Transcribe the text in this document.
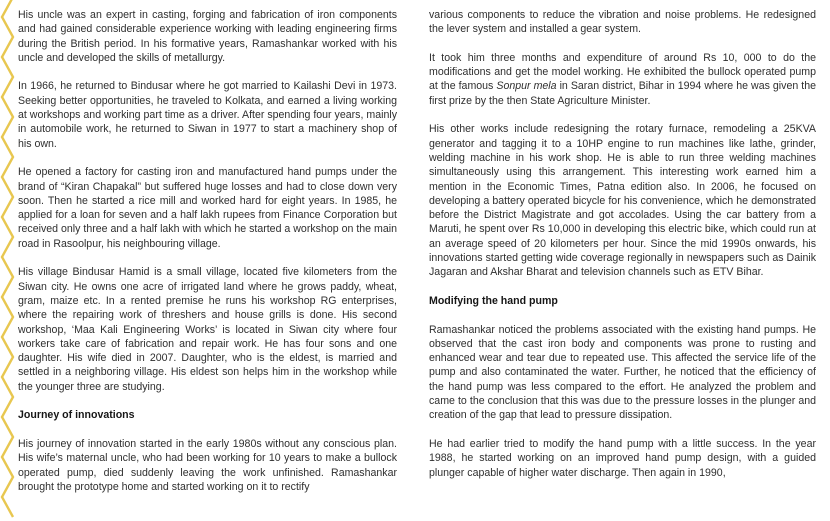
His uncle was an expert in casting, forging and fabrication of iron components and had gained considerable experience working with leading engineering firms during the British period. In his formative years, Ramashankar worked with his uncle and developed the skills of metallurgy.

In 1966, he returned to Bindusar where he got married to Kailashi Devi in 1973. Seeking better opportunities, he traveled to Kolkata, and earned a living working at workshops and working part time as a driver. After spending four years, mainly in automobile work, he returned to Siwan in 1977 to start a machinery shop of his own.

He opened a factory for casting iron and manufactured hand pumps under the brand of “Kiran Chapakal” but suffered huge losses and had to close down very soon. Then he started a rice mill and worked hard for eight years. In 1985, he applied for a loan for seven and a half lakh rupees from Finance Corporation but received only three and a half lakh with which he started a workshop on the main road in Rasoolpur, his neighbouring village.

His village Bindusar Hamid is a small village, located five kilometers from the Siwan city. He owns one acre of irrigated land where he grows paddy, wheat, gram, maize etc. In a rented premise he runs his workshop RG enterprises, where the repairing work of threshers and house grills is done. His second workshop, ‘Maa Kali Engineering Works’ is located in Siwan city where four workers take care of fabrication and repair work. He has four sons and one daughter. His wife died in 2007. Daughter, who is the eldest, is married and settled in a neighboring village. His eldest son helps him in the workshop while the younger three are studying.

Journey of innovations

His journey of innovation started in the early 1980s without any conscious plan. His wife’s maternal uncle, who had been working for 10 years to make a bullock operated pump, died suddenly leaving the work unfinished. Ramashankar brought the prototype home and started working on it to rectify

various components to reduce the vibration and noise problems. He redesigned the lever system and installed a gear system.

It took him three months and expenditure of around Rs 10, 000 to do the modifications and get the model working. He exhibited the bullock operated pump at the famous Sonpur mela in Saran district, Bihar in 1994 where he was given the first prize by the then State Agriculture Minister.

His other works include redesigning the rotary furnace, remodeling a 25KVA generator and tagging it to a 10HP engine to run machines like lathe, grinder, welding machine in his work shop. He is able to run three welding machines simultaneously using this arrangement. This interesting work earned him a mention in the Economic Times, Patna edition also. In 2006, he focused on developing a battery operated bicycle for his convenience, which he demonstrated before the District Magistrate and got accolades. Using the car battery from a Maruti, he spent over Rs 10,000 in developing this electric bike, which could run at an average speed of 20 kilometers per hour. Since the mid 1990s onwards, his innovations started getting wide coverage regionally in newspapers such as Dainik Jagaran and Akshar Bharat and television channels such as ETV Bihar.

Modifying the hand pump

Ramashankar noticed the problems associated with the existing hand pumps. He observed that the cast iron body and components was prone to rusting and enhanced wear and tear due to repeated use. This affected the service life of the pump and also contaminated the water. Further, he noticed that the efficiency of the hand pump was less compared to the effort. He analyzed the problem and came to the conclusion that this was due to the pressure losses in the plunger and creation of the gap that lead to pressure dissipation.

He had earlier tried to modify the hand pump with a little success. In the year 1988, he started working on an improved hand pump design, with a guided plunger capable of higher water discharge. Then again in 1990,
